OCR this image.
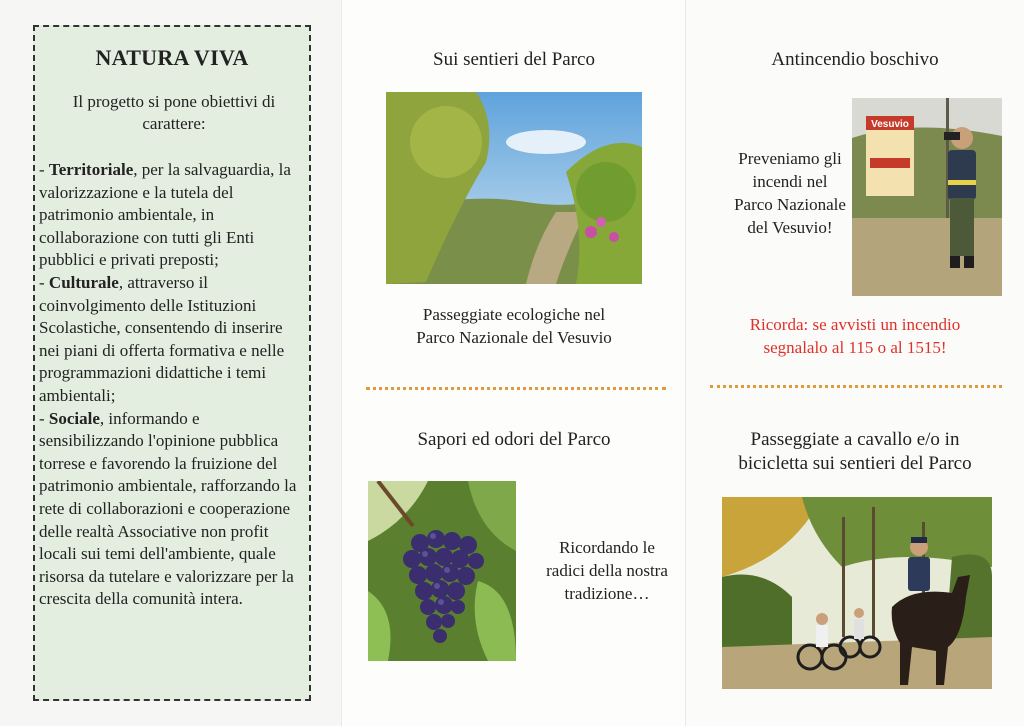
NATURA VIVA
Il progetto si pone obiettivi di carattere:

- Territoriale, per la salvaguardia, la valorizzazione e la tutela del patrimonio ambientale, in collaborazione con tutti gli Enti pubblici e privati preposti;

- Culturale, attraverso il coinvolgimento delle Istituzioni Scolastiche, consentendo di inserire nei piani di offerta formativa e nelle programmazioni didattiche i temi ambientali;

- Sociale, informando e sensibilizzando l'opinione pubblica torrese e favorendo la fruizione del patrimonio ambientale, rafforzando la rete di collaborazioni e cooperazione delle realtà Associative non profit locali sui temi dell'ambiente, quale risorsa da tutelare e valorizzare per la crescita della comunità intera.

Sui sentieri del Parco
Passeggiate ecologiche nel
Parco Nazionale del Vesuvio
Sapori ed odori del Parco
Ricordando le
radici della nostra
tradizione…
Antincendio boschivo
Preveniamo gli
incendi nel
Parco Nazionale
del Vesuvio!
Vesuvio
Ricorda: se avvisti un incendio
segnalalo al 115 o al 1515!
Passeggiate a cavallo e/o in
bicicletta sui sentieri del Parco
